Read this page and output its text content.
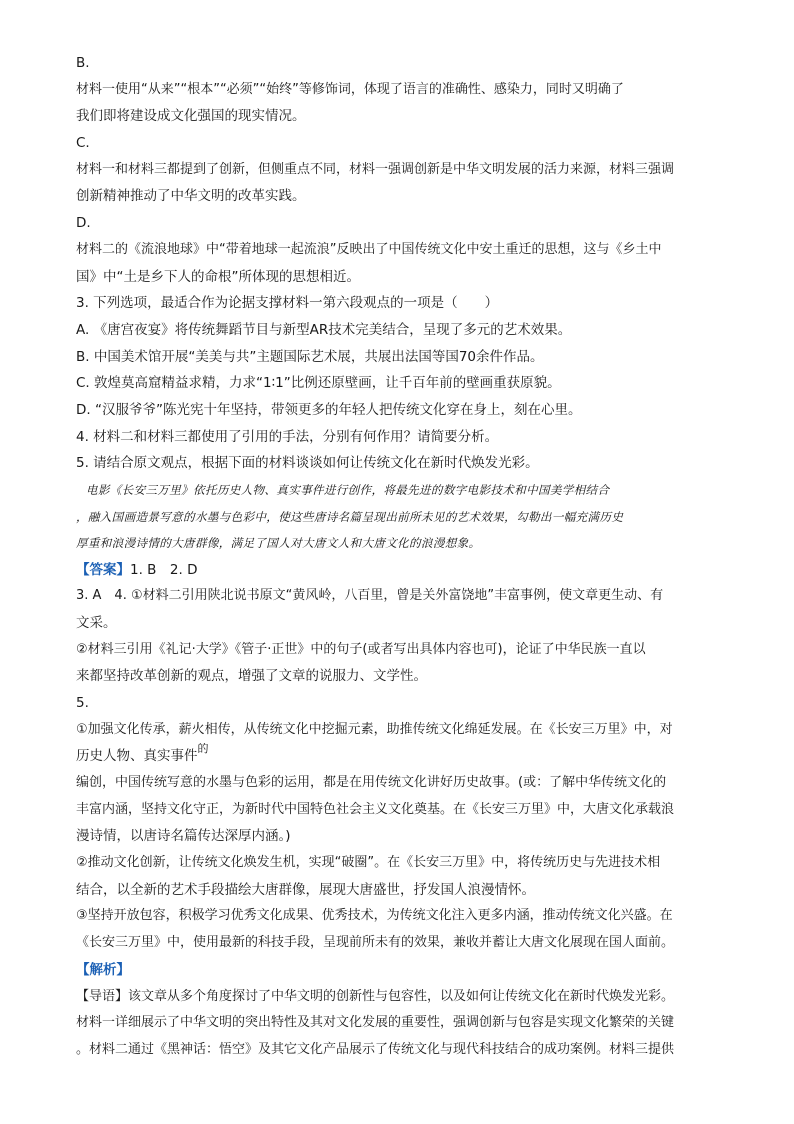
B.
材料一使用“从来”“根本”“必须”“始终”等修饰词，体现了语言的准确性、感染力，同时又明确了
我们即将建设成文化强国的现实情况。
C.
材料一和材料三都提到了创新，但侧重点不同，材料一强调创新是中华文明发展的活力来源，材料三强调
创新精神推动了中华文明的改革实践。
D.
材料二的《流浪地球》中“带着地球一起流浪”反映出了中国传统文化中安土重迁的思想，这与《乡土中
国》中“土是乡下人的命根”所体现的思想相近。
3. 下列选项，最适合作为论据支撑材料一第六段观点的一项是（　　）
A. 《唐宫夜宴》将传统舞蹈节目与新型AR技术完美结合，呈现了多元的艺术效果。
B. 中国美术馆开展“美美与共”主题国际艺术展，共展出法国等国70余件作品。
C. 敦煌莫高窟精益求精，力求“1∶1”比例还原壁画，让千百年前的壁画重获原貌。
D. “汉服爷爷”陈光宪十年坚持，带领更多的年轻人把传统文化穿在身上，刻在心里。
4. 材料二和材料三都使用了引用的手法，分别有何作用？请简要分析。
5. 请结合原文观点，根据下面的材料谈谈如何让传统文化在新时代焕发光彩。
电影《长安三万里》依托历史人物、真实事件进行创作，将最先进的数字电影技术和中国美学相结合
，融入国画造景写意的水墨与色彩中，使这些唐诗名篇呈现出前所未见的艺术效果，勾勒出一幅充满历史
厚重和浪漫诗情的大唐群像，满足了国人对大唐文人和大唐文化的浪漫想象。
【答案】1. B　2. D
3. A　4. ①材料二引用陕北说书原文“黄风岭，八百里，曾是关外富饶地”丰富事例，使文章更生动、有
文采。
②材料三引用《礼记·大学》《管子·正世》中的句子(或者写出具体内容也可)，论证了中华民族一直以
来都坚持改革创新的观点，增强了文章的说服力、文学性。
5.
①加强文化传承，薪火相传，从传统文化中挖掘元素，助推传统文化绵延发展。在《长安三万里》中，对
历史人物、真实事件$^的$
编创，中国传统写意的水墨与色彩的运用，都是在用传统文化讲好历史故事。(或：了解中华传统文化的
丰富内涵，坚持文化守正，为新时代中国特色社会主义文化奠基。在《长安三万里》中，大唐文化承载浪
漫诗情，以唐诗名篇传达深厚内涵。)
②推动文化创新，让传统文化焕发生机，实现“破圈”。在《长安三万里》中，将传统历史与先进技术相
结合，以全新的艺术手段描绘大唐群像，展现大唐盛世，抒发国人浪漫情怀。
③坚持开放包容，积极学习优秀文化成果、优秀技术，为传统文化注入更多内涵，推动传统文化兴盛。在
《长安三万里》中，使用最新的科技手段，呈现前所未有的效果，兼收并蓄让大唐文化展现在国人面前。
【解析】
【导语】该文章从多个角度探讨了中华文明的创新性与包容性，以及如何让传统文化在新时代焕发光彩。
材料一详细展示了中华文明的突出特性及其对文化发展的重要性，强调创新与包容是实现文化繁荣的关键
。材料二通过《黑神话：悟空》及其它文化产品展示了传统文化与现代科技结合的成功案例。材料三提供
